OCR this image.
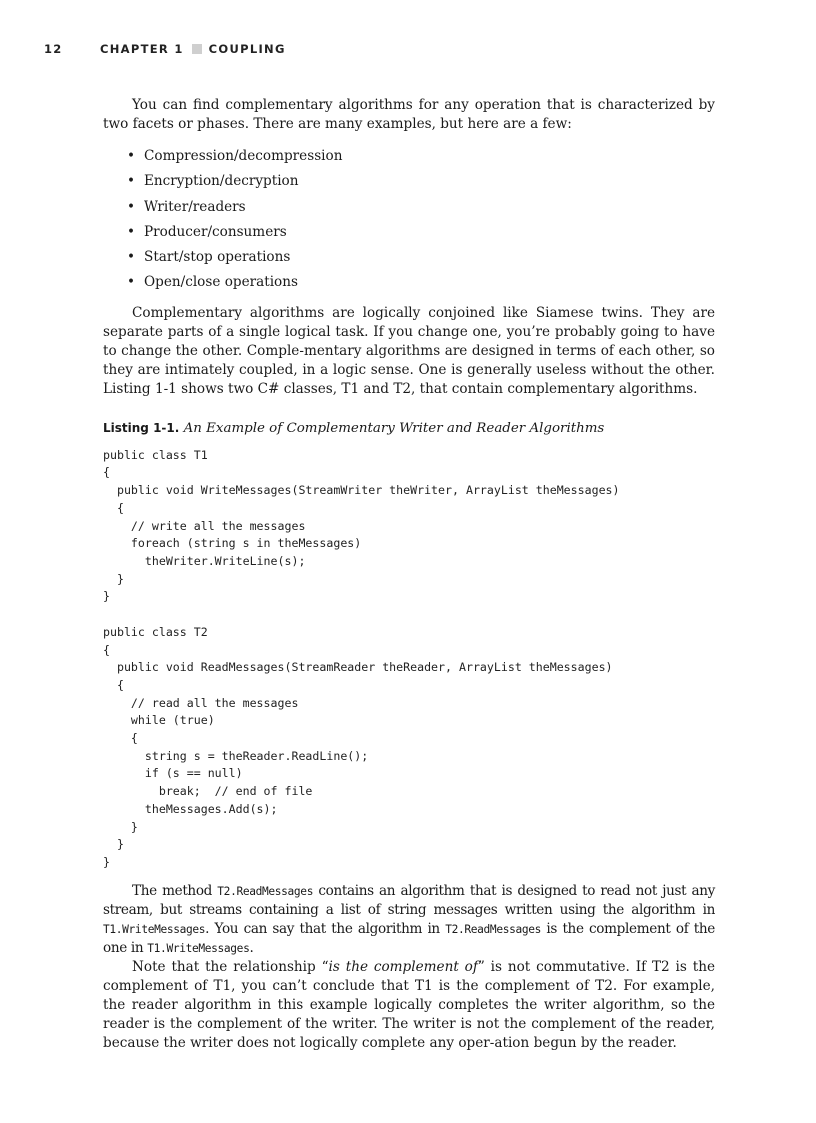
12	CHAPTER 1 COUPLING

You can find complementary algorithms for any operation that is characterized by two facets or phases. There are many examples, but here are a few:

• Compression/decompression
• Encryption/decryption
• Writer/readers
• Producer/consumers
• Start/stop operations
• Open/close operations

Complementary algorithms are logically conjoined like Siamese twins. They are separate parts of a single logical task. If you change one, you’re probably going to have to change the other. Comple-mentary algorithms are designed in terms of each other, so they are intimately coupled, in a logic sense. One is generally useless without the other. Listing 1-1 shows two C# classes, T1 and T2, that contain complementary algorithms.

Listing 1-1. An Example of Complementary Writer and Reader Algorithms
public class T1
{
public void WriteMessages(StreamWriter theWriter, ArrayList theMessages)
{
// write all the messages
foreach (string s in theMessages)
theWriter.WriteLine(s);
}
}

public class T2
{
public void ReadMessages(StreamReader theReader, ArrayList theMessages)
{
// read all the messages
while (true)
{
string s = theReader.ReadLine();
if (s == null)
break;  // end of file
theMessages.Add(s);
}
}
}

The method T2.ReadMessages contains an algorithm that is designed to read not just any stream, but streams containing a list of string messages written using the algorithm in T1.WriteMessages. You can say that the algorithm in T2.ReadMessages is the complement of the one in T1.WriteMessages.

Note that the relationship “is the complement of” is not commutative. If T2 is the complement of T1, you can’t conclude that T1 is the complement of T2. For example, the reader algorithm in this example logically completes the writer algorithm, so the reader is the complement of the writer. The writer is not the complement of the reader, because the writer does not logically complete any oper-ation begun by the reader.
